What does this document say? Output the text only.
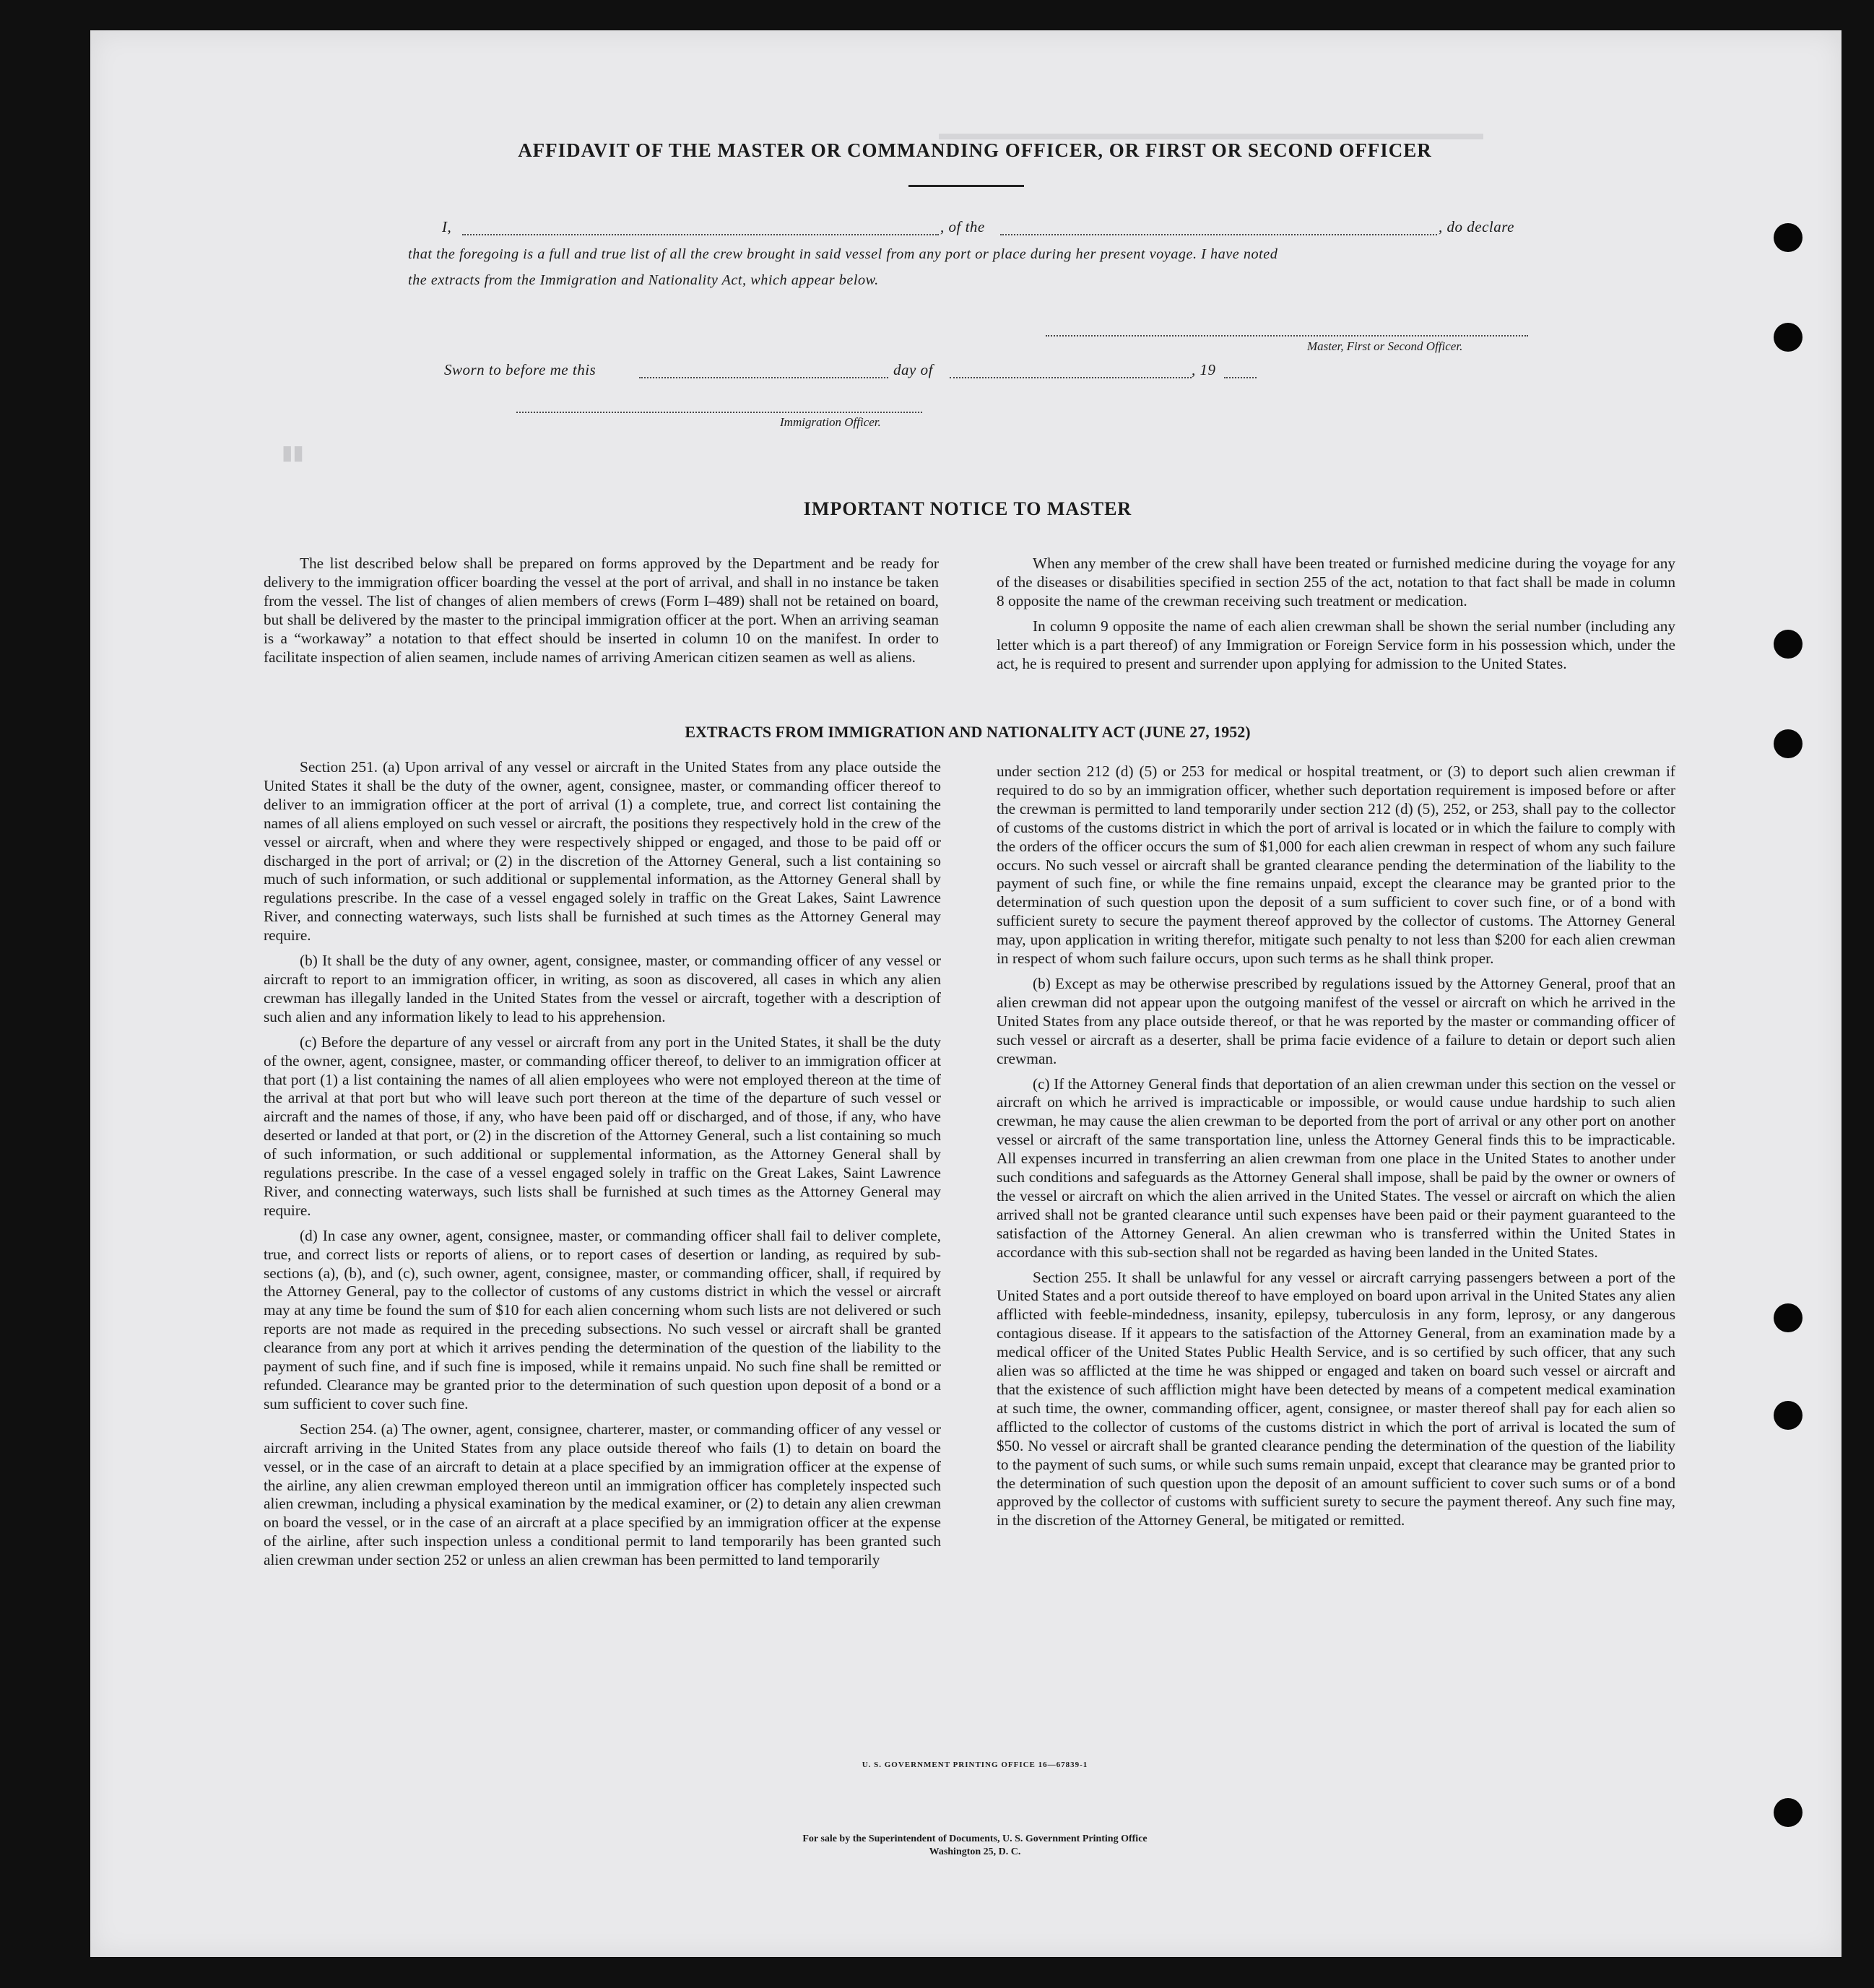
▮▮
▬▬▬▬▬▬▬▬▬▬▬▬▬▬▬▬▬▬▬▬▬▬▬▬▬▬▬▬▬
AFFIDAVIT OF THE MASTER OR COMMANDING OFFICER, OR FIRST OR SECOND OFFICER
I,	, of the	, do declare
that the foregoing is a full and true list of all the crew brought in said vessel from any port or place during her present voyage. I have noted
the extracts from the Immigration and Nationality Act, which appear below.
Master, First or Second Officer.
Sworn to before me this	day of	, 19
Immigration Officer.
IMPORTANT NOTICE TO MASTER

The list described below shall be prepared on forms approved by the Department and be ready for delivery to the immigration officer boarding the vessel at the port of arrival, and shall in no instance be taken from the vessel. The list of changes of alien members of crews (Form I–489) shall not be retained on board, but shall be delivered by the master to the principal immigration officer at the port. When an arriving seaman is a “workaway” a notation to that effect should be inserted in column 10 on the manifest. In order to facilitate inspection of alien seamen, include names of arriving American citizen seamen as well as aliens.

When any member of the crew shall have been treated or furnished medicine during the voyage for any of the diseases or disabilities specified in section 255 of the act, notation to that fact shall be made in column 8 opposite the name of the crewman receiving such treatment or medication.

In column 9 opposite the name of each alien crewman shall be shown the serial number (including any letter which is a part thereof) of any Immigration or Foreign Service form in his possession which, under the act, he is required to present and surrender upon applying for admission to the United States.

EXTRACTS FROM IMMIGRATION AND NATIONALITY ACT (JUNE 27, 1952)

Section 251. (a) Upon arrival of any vessel or aircraft in the United States from any place outside the United States it shall be the duty of the owner, agent, consignee, master, or commanding officer thereof to deliver to an immigration officer at the port of arrival (1) a complete, true, and correct list containing the names of all aliens employed on such vessel or aircraft, the positions they respectively hold in the crew of the vessel or aircraft, when and where they were respectively shipped or engaged, and those to be paid off or discharged in the port of arrival; or (2) in the discretion of the Attorney General, such a list containing so much of such information, or such additional or supplemental information, as the Attorney General shall by regulations prescribe. In the case of a vessel engaged solely in traffic on the Great Lakes, Saint Lawrence River, and connecting waterways, such lists shall be furnished at such times as the Attorney General may require.

(b) It shall be the duty of any owner, agent, consignee, master, or commanding officer of any vessel or aircraft to report to an immigration officer, in writing, as soon as discovered, all cases in which any alien crewman has illegally landed in the United States from the vessel or aircraft, together with a description of such alien and any information likely to lead to his apprehension.

(c) Before the departure of any vessel or aircraft from any port in the United States, it shall be the duty of the owner, agent, consignee, master, or commanding officer thereof, to deliver to an immigration officer at that port (1) a list containing the names of all alien employees who were not employed thereon at the time of the arrival at that port but who will leave such port thereon at the time of the departure of such vessel or aircraft and the names of those, if any, who have been paid off or discharged, and of those, if any, who have deserted or landed at that port, or (2) in the discretion of the Attorney General, such a list containing so much of such information, or such additional or supplemental information, as the Attorney General shall by regulations prescribe. In the case of a vessel engaged solely in traffic on the Great Lakes, Saint Lawrence River, and connecting waterways, such lists shall be furnished at such times as the Attorney General may require.

(d) In case any owner, agent, consignee, master, or commanding officer shall fail to deliver complete, true, and correct lists or reports of aliens, or to report cases of desertion or landing, as required by sub-sections (a), (b), and (c), such owner, agent, consignee, master, or commanding officer, shall, if required by the Attorney General, pay to the collector of customs of any customs district in which the vessel or aircraft may at any time be found the sum of $10 for each alien concerning whom such lists are not delivered or such reports are not made as required in the preceding subsections. No such vessel or aircraft shall be granted clearance from any port at which it arrives pending the determination of the question of the liability to the payment of such fine, and if such fine is imposed, while it remains unpaid. No such fine shall be remitted or refunded. Clearance may be granted prior to the determination of such question upon deposit of a bond or a sum sufficient to cover such fine.

Section 254. (a) The owner, agent, consignee, charterer, master, or commanding officer of any vessel or aircraft arriving in the United States from any place outside thereof who fails (1) to detain on board the vessel, or in the case of an aircraft to detain at a place specified by an immigration officer at the expense of the airline, any alien crewman employed thereon until an immigration officer has completely inspected such alien crewman, including a physical examination by the medical examiner, or (2) to detain any alien crewman on board the vessel, or in the case of an aircraft at a place specified by an immigration officer at the expense of the airline, after such inspection unless a conditional permit to land temporarily has been granted such alien crewman under section 252 or unless an alien crewman has been permitted to land temporarily

under section 212 (d) (5) or 253 for medical or hospital treatment, or (3) to deport such alien crewman if required to do so by an immigration officer, whether such deportation requirement is imposed before or after the crewman is permitted to land temporarily under section 212 (d) (5), 252, or 253, shall pay to the collector of customs of the customs district in which the port of arrival is located or in which the failure to comply with the orders of the officer occurs the sum of $1,000 for each alien crewman in respect of whom any such failure occurs. No such vessel or aircraft shall be granted clearance pending the determination of the liability to the payment of such fine, or while the fine remains unpaid, except the clearance may be granted prior to the determination of such question upon the deposit of a sum sufficient to cover such fine, or of a bond with sufficient surety to secure the payment thereof approved by the collector of customs. The Attorney General may, upon application in writing therefor, mitigate such penalty to not less than $200 for each alien crewman in respect of whom such failure occurs, upon such terms as he shall think proper.

(b) Except as may be otherwise prescribed by regulations issued by the Attorney General, proof that an alien crewman did not appear upon the outgoing manifest of the vessel or aircraft on which he arrived in the United States from any place outside thereof, or that he was reported by the master or commanding officer of such vessel or aircraft as a deserter, shall be prima facie evidence of a failure to detain or deport such alien crewman.

(c) If the Attorney General finds that deportation of an alien crewman under this section on the vessel or aircraft on which he arrived is impracticable or impossible, or would cause undue hardship to such alien crewman, he may cause the alien crewman to be deported from the port of arrival or any other port on another vessel or aircraft of the same transportation line, unless the Attorney General finds this to be impracticable. All expenses incurred in transferring an alien crewman from one place in the United States to another under such conditions and safeguards as the Attorney General shall impose, shall be paid by the owner or owners of the vessel or aircraft on which the alien arrived in the United States. The vessel or aircraft on which the alien arrived shall not be granted clearance until such expenses have been paid or their payment guaranteed to the satisfaction of the Attorney General. An alien crewman who is transferred within the United States in accordance with this sub-section shall not be regarded as having been landed in the United States.

Section 255. It shall be unlawful for any vessel or aircraft carrying passengers between a port of the United States and a port outside thereof to have employed on board upon arrival in the United States any alien afflicted with feeble-mindedness, insanity, epilepsy, tuberculosis in any form, leprosy, or any dangerous contagious disease. If it appears to the satisfaction of the Attorney General, from an examination made by a medical officer of the United States Public Health Service, and is so certified by such officer, that any such alien was so afflicted at the time he was shipped or engaged and taken on board such vessel or aircraft and that the existence of such affliction might have been detected by means of a competent medical examination at such time, the owner, commanding officer, agent, consignee, or master thereof shall pay for each alien so afflicted to the collector of customs of the customs district in which the port of arrival is located the sum of $50. No vessel or aircraft shall be granted clearance pending the determination of the question of the liability to the payment of such sums, or while such sums remain unpaid, except that clearance may be granted prior to the determination of such question upon the deposit of an amount sufficient to cover such sums or of a bond approved by the collector of customs with sufficient surety to secure the payment thereof. Any such fine may, in the discretion of the Attorney General, be mitigated or remitted.

U. S. GOVERNMENT PRINTING OFFICE 16—67839-1
For sale by the Superintendent of Documents, U. S. Government Printing Office
Washington 25, D. C.
